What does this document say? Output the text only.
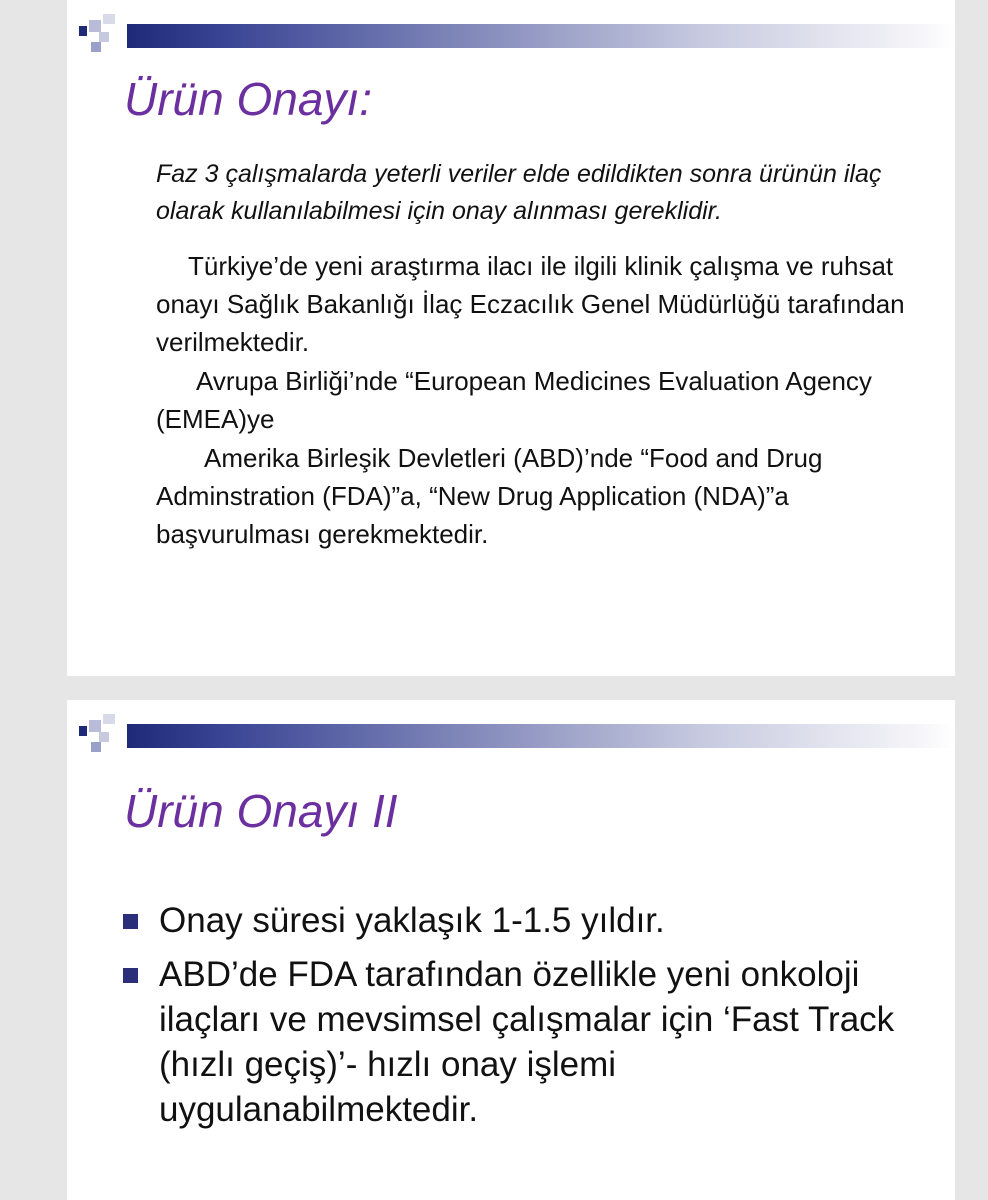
Ürün Onayı:

Faz 3 çalışmalarda yeterli veriler elde edildikten sonra ürünün ilaç olarak kullanılabilmesi için onay alınması gereklidir.

Türkiye’de yeni araştırma ilacı ile ilgili klinik çalışma ve ruhsat onayı Sağlık Bakanlığı İlaç Eczacılık Genel Müdürlüğü tarafından verilmektedir.

Avrupa Birliği’nde “European Medicines Evaluation Agency (EMEA)ye

Amerika Birleşik Devletleri (ABD)’nde “Food and Drug Adminstration (FDA)”a, “New Drug Application (NDA)”a başvurulması gerekmektedir.

Ürün Onayı II
Onay süresi yaklaşık 1-1.5 yıldır.
ABD’de FDA tarafından özellikle yeni onkoloji ilaçları ve mevsimsel çalışmalar için ‘Fast Track (hızlı geçiş)’- hızlı onay işlemi uygulanabilmektedir.
